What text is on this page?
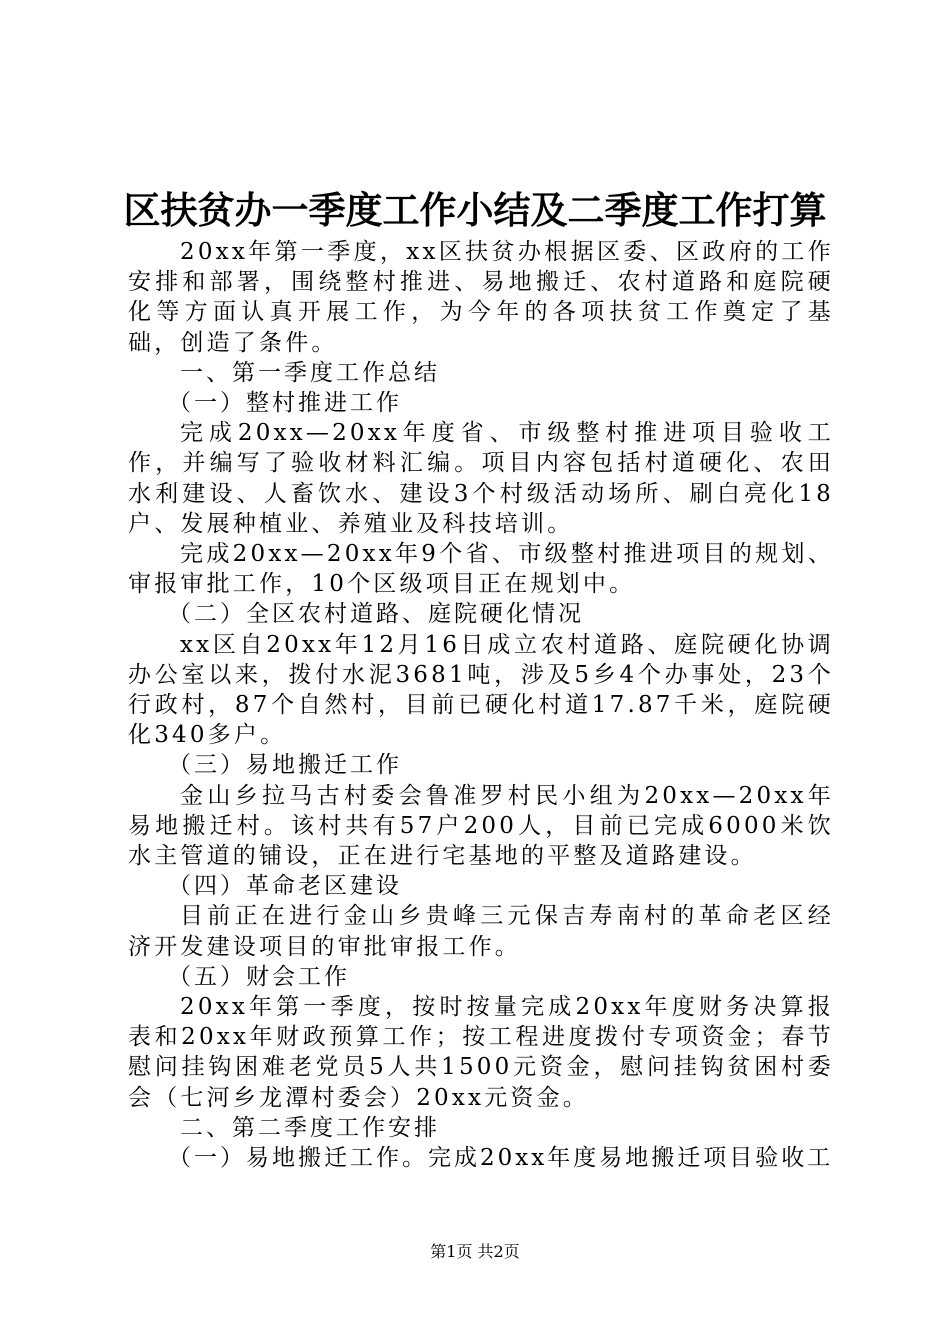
区扶贫办一季度工作小结及二季度工作打算

20xx年第一季度，xx区扶贫办根据区委、区政府的工作安排和部署，围绕整村推进、易地搬迁、农村道路和庭院硬化等方面认真开展工作，为今年的各项扶贫工作奠定了基础，创造了条件。

一、第一季度工作总结

（一）整村推进工作

完成20xx—20xx年度省、市级整村推进项目验收工作，并编写了验收材料汇编。项目内容包括村道硬化、农田水利建设、人畜饮水、建设3个村级活动场所、刷白亮化18户、发展种植业、养殖业及科技培训。

完成20xx—20xx年9个省、市级整村推进项目的规划、审报审批工作，10个区级项目正在规划中。

（二）全区农村道路、庭院硬化情况

xx区自20xx年12月16日成立农村道路、庭院硬化协调办公室以来，拨付水泥3681吨，涉及5乡4个办事处，23个行政村，87个自然村，目前已硬化村道17.87千米，庭院硬化340多户。

（三）易地搬迁工作

金山乡拉马古村委会鲁准罗村民小组为20xx—20xx年易地搬迁村。该村共有57户200人，目前已完成6000米饮水主管道的铺设，正在进行宅基地的平整及道路建设。

（四）革命老区建设

目前正在进行金山乡贵峰三元保吉寿南村的革命老区经济开发建设项目的审批审报工作。

（五）财会工作

20xx年第一季度，按时按量完成20xx年度财务决算报表和20xx年财政预算工作；按工程进度拨付专项资金；春节慰问挂钩困难老党员5人共1500元资金，慰问挂钩贫困村委会（七河乡龙潭村委会）20xx元资金。

二、第二季度工作安排

（一）易地搬迁工作。完成20xx年度易地搬迁项目验收工

第1页 共2页
